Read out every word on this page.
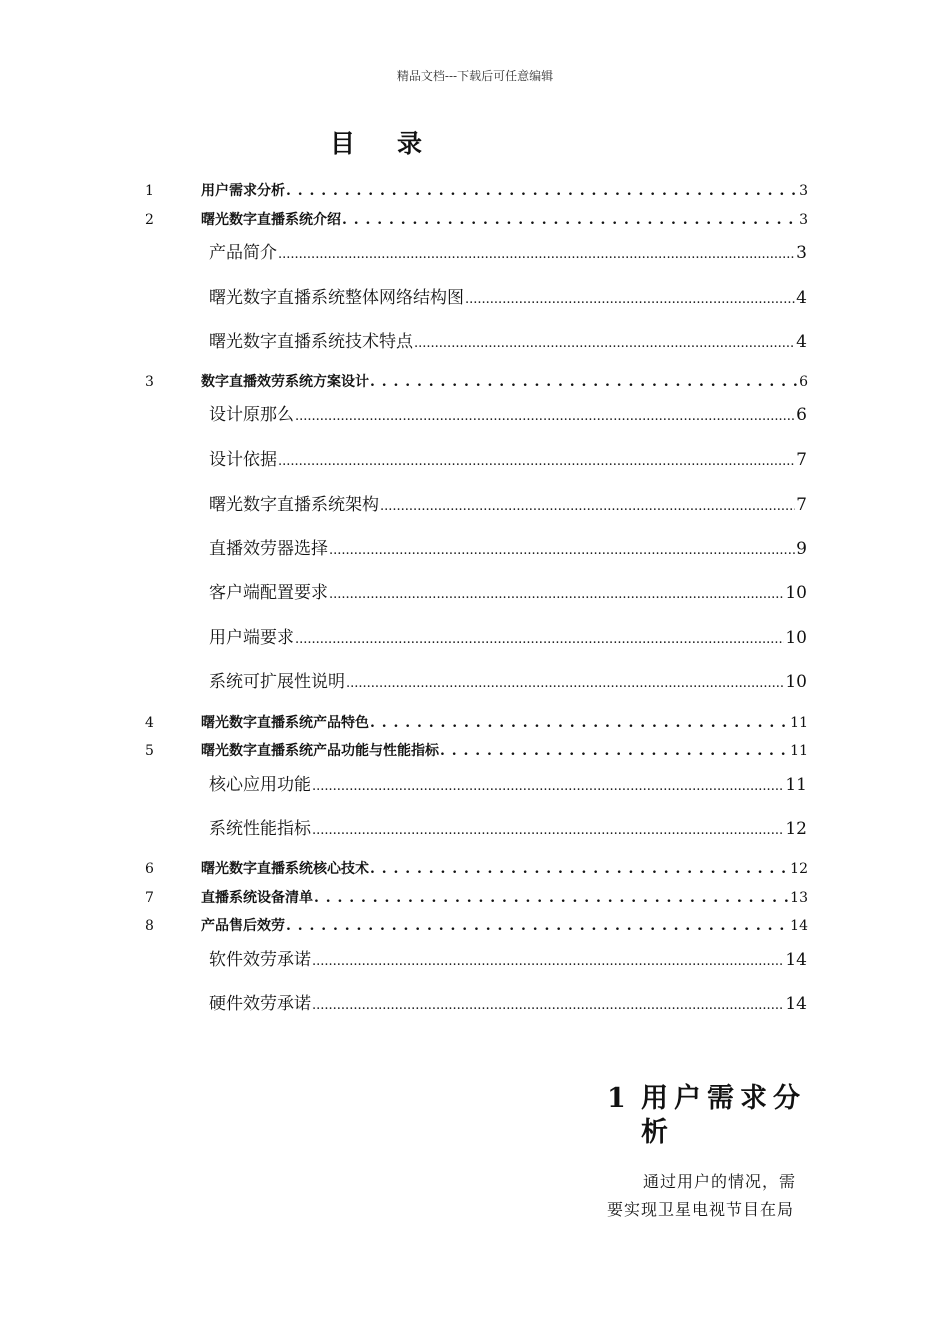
精品文档---下载后可任意编辑
目录
1	用户需求分析 . . .	3
2	曙光数字直播系统介绍 . . .	3
产品简介 .....	3
曙光数字直播系统整体网络结构图 .....	4
曙光数字直播系统技术特点 .....	4
3	数字直播效劳系统方案设计 . . .	6
设计原那么 .....	6
设计依据 .....	7
曙光数字直播系统架构 .....	7
直播效劳器选择 .....	9
客户端配置要求 .....	10
用户端要求 .....	10
系统可扩展性说明 .....	10
4	曙光数字直播系统产品特色 . . .	11
5	曙光数字直播系统产品功能与性能指标 . . .	11
核心应用功能 .....	11
系统性能指标 .....	12
6	曙光数字直播系统核心技术 . . .	12
7	直播系统设备清单 . . .	13
8	产品售后效劳 . . .	14
软件效劳承诺 .....	14
硬件效劳承诺 .....	14
1 用户需求分析
通过用户的情况，需
要实现卫星电视节目在局
